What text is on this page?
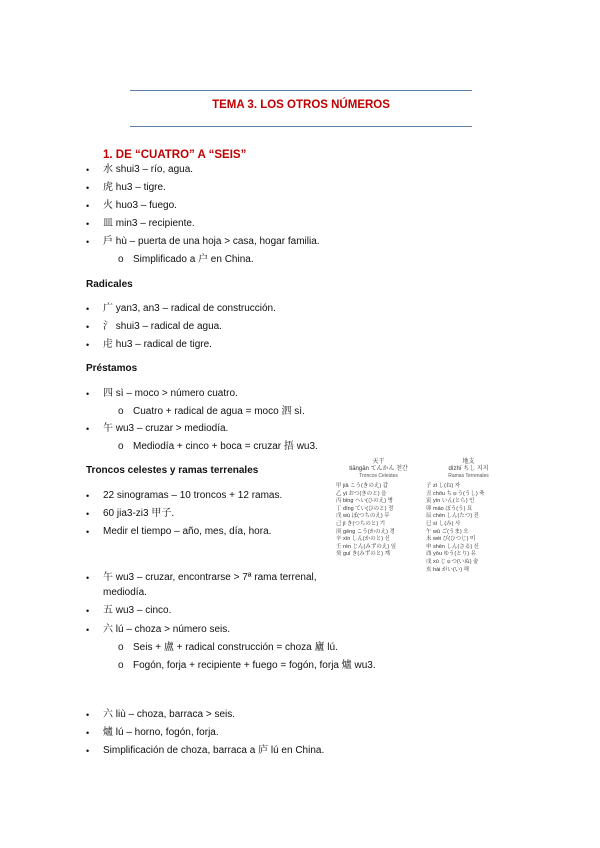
TEMA 3. LOS OTROS NÚMEROS
1. DE “CUATRO” A “SEIS”
• 水 shui3 – río, agua.
• 虎 hu3 – tigre.
• 火 huo3 – fuego.
• 皿 min3 – recipiente.
• 戶 hù – puerta de una hoja > casa, hogar familia.
o Simplificado a 户 en China.
Radicales
• 广 yan3, an3 – radical de construcción.
• 氵 shui3 – radical de agua.
• 虍 hu3 – radical de tigre.
Préstamos
• 四 sì – moco > número cuatro.
o Cuatro + radical de agua = moco 泗 sì.
• 午 wu3 – cruzar > mediodía.
o Mediodía + cinco + boca = cruzar 捂 wu3.
Troncos celestes y ramas terrenales
• 22 sinogramas – 10 troncos + 12 ramas.
• 60 jia3-zi3 甲子.
• Medir el tiempo – año, mes, día, hora.
天干
tiāngān てんかん 천간
Troncos Celestes
甲 jiǎ こう(きのえ) 갑
乙 yǐ おつ(きのと) 을
丙 bǐng へい(ひのえ) 병
丁 dīng てい(ひのと) 정
戊 wù ぼ(つちのえ) 무
己 jǐ き(つちのと) 기
庚 gēng こう(かのえ) 경
辛 xīn しん(かのと) 신
壬 rén じん(みずのえ) 임
癸 guǐ き(みずのと) 계
地支
dìzhī ちし 지지
Ramas Terrenales
子 zǐ し(ね) 자
丑 chǒu ちゅう(うし) 축
寅 yín いん(とら) 인
卯 mǎo ぼう(う) 묘
辰 chén しん(たつ) 진
巳 sì し(み) 사
午 wǔ ご(うま) 오
未 wèi び(ひつじ) 미
申 shēn しん(さる) 신
酉 yǒu ゆう(とり) 유
戌 xū じゅつ(いぬ) 술
亥 hài がい(い) 해
• 午 wu3 – cruzar, encontrarse > 7ª rama terrenal,
mediodía.
• 五 wu3 – cinco.
• 六 lú – choza > número seis.
o Seis + 盧 + radical construcción = choza 廬 lú.
o Fogón, forja + recipiente + fuego = fogón, forja 爐 wu3.
• 六 liù – choza, barraca > seis.
• 爐 lú – horno, fogón, forja.
• Simplificación de choza, barraca a 庐 lú en China.
